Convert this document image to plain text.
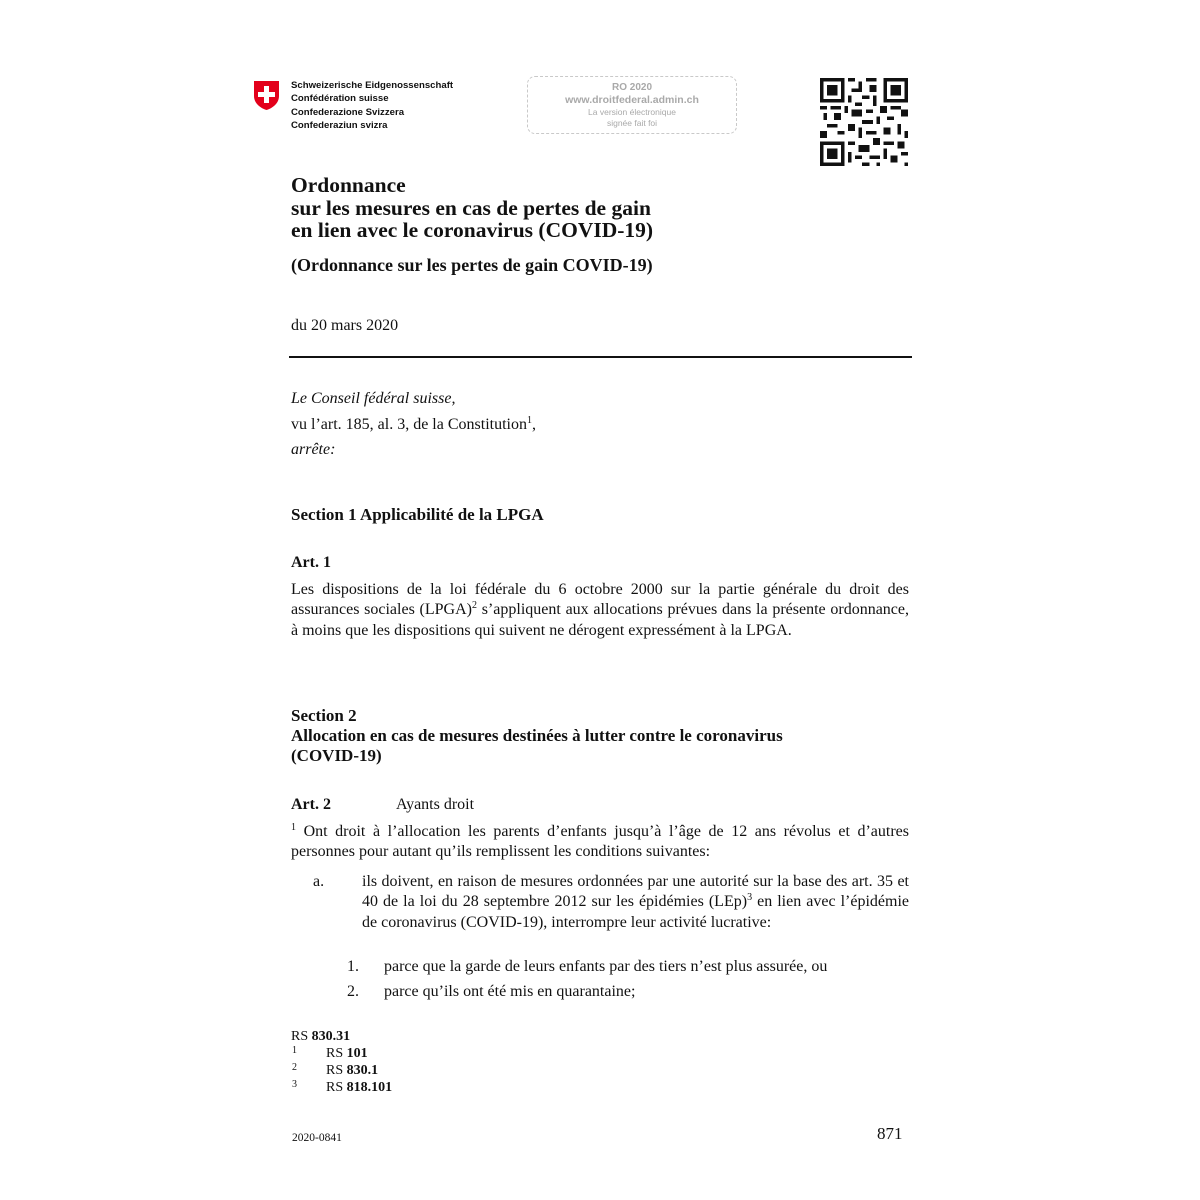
Schweizerische Eidgenossenschaft
Confédération suisse
Confederazione Svizzera
Confederaziun svizra
RO 2020
www.droitfederal.admin.ch
La version électronique
signée fait foi
Ordonnance
sur les mesures en cas de pertes de gain
en lien avec le coronavirus (COVID-19)
(Ordonnance sur les pertes de gain COVID-19)
du 20 mars 2020
Le Conseil fédéral suisse,
vu l’art. 185, al. 3, de la Constitution$^1$,
arrête:
Section 1 Applicabilité de la LPGA
Art. 1
Les dispositions de la loi fédérale du 6 octobre 2000 sur la partie générale du droit des assurances sociales (LPGA)$^2$ s’appliquent aux allocations prévues dans la présente ordonnance, à moins que les dispositions qui suivent ne dérogent expressément à la LPGA.
Section 2
Allocation en cas de mesures destinées à lutter contre le coronavirus
(COVID-19)
Art. 2	Ayants droit
$^1$ Ont droit à l’allocation les parents d’enfants jusqu’à l’âge de 12 ans révolus et d’autres personnes pour autant qu’ils remplissent les conditions suivantes:
a. ils doivent, en raison de mesures ordonnées par une autorité sur la base des art. 35 et 40 de la loi du 28 septembre 2012 sur les épidémies (LEp)$^3$ en lien avec l’épidémie de coronavirus (COVID-19), interrompre leur activité lucrative:
1. parce que la garde de leurs enfants par des tiers n’est plus assurée, ou
2. parce qu’ils ont été mis en quarantaine;
RS 830.31
1 RS 101
2 RS 830.1
3 RS 818.101
2020-0841	871
